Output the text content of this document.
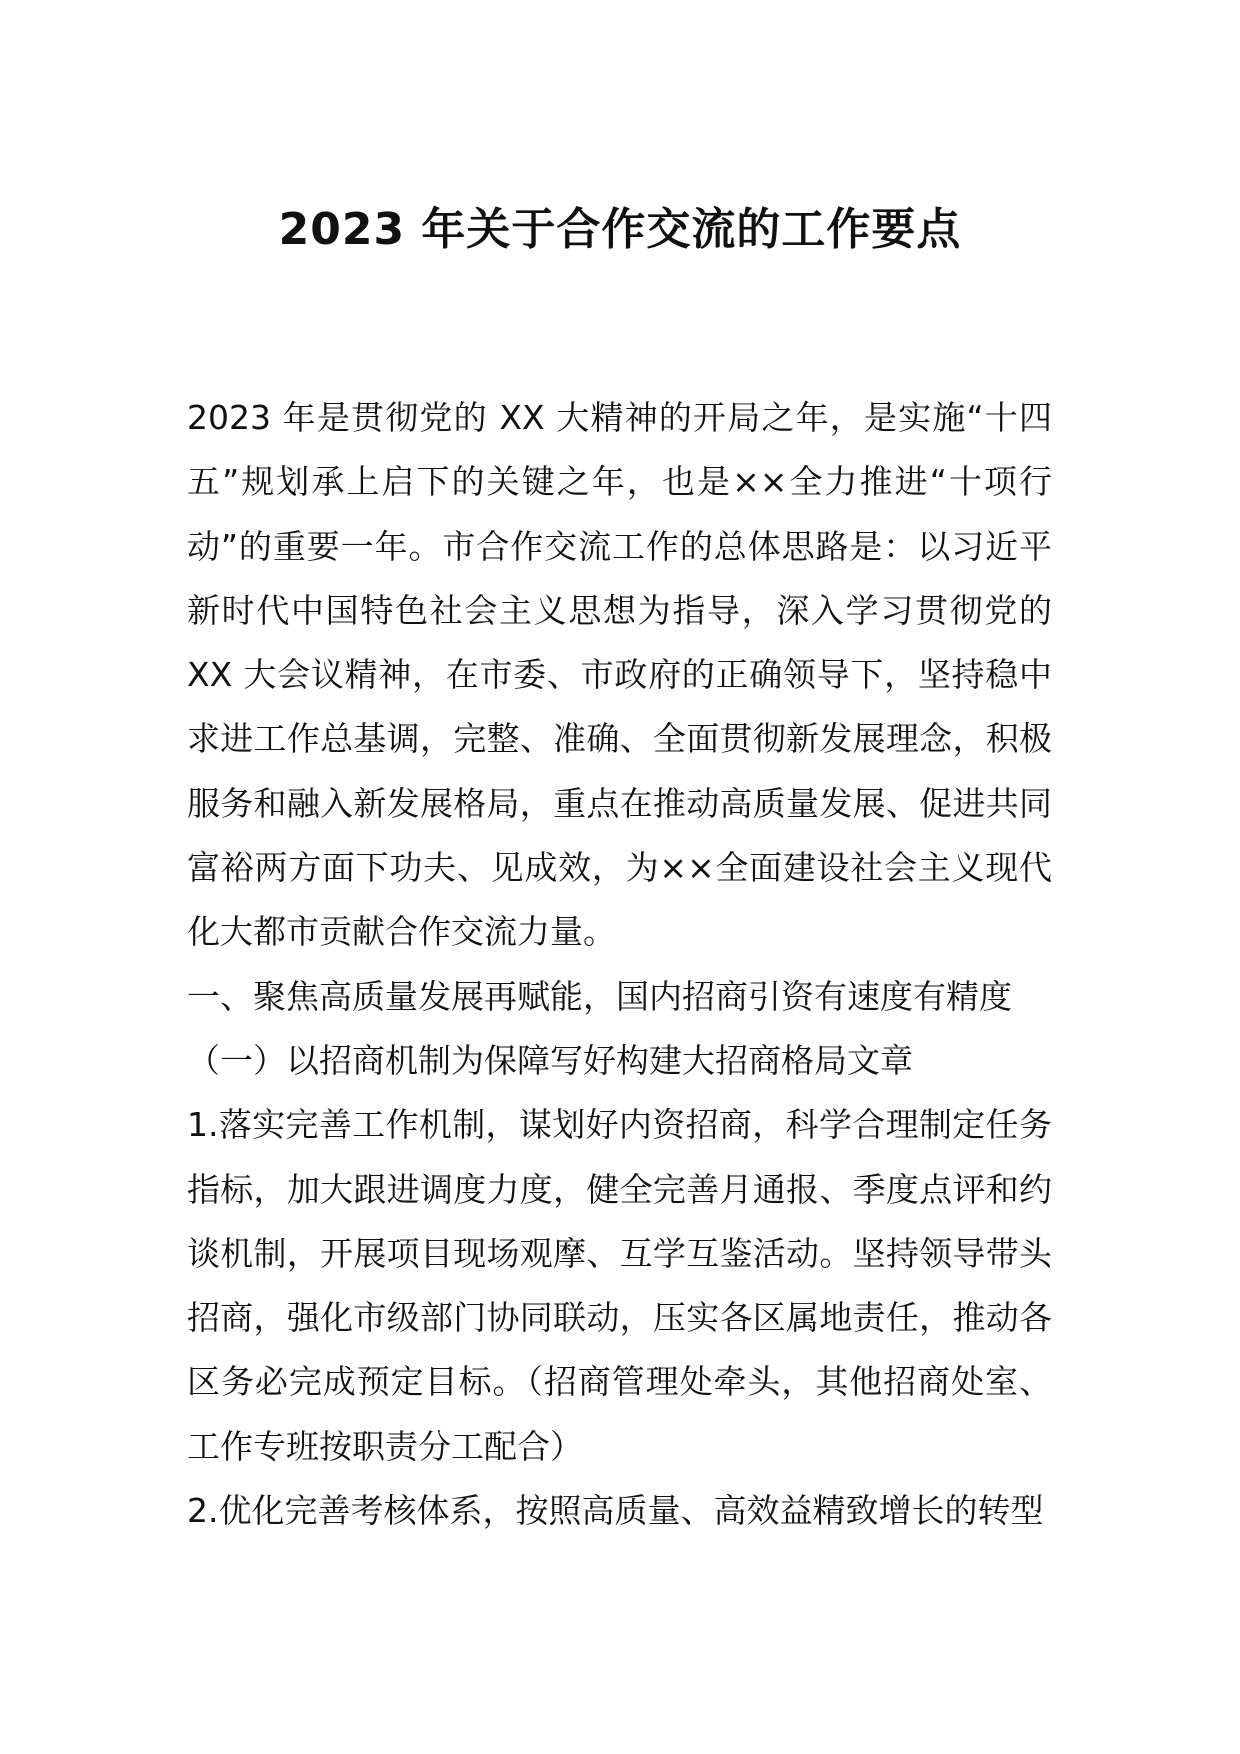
2023 年关于合作交流的工作要点

2023 年是贯彻党的 XX 大精神的开局之年，是实施“十四五”规划承上启下的关键之年，也是××全力推进“十项行动”的重要一年。市合作交流工作的总体思路是：以习近平新时代中国特色社会主义思想为指导，深入学习贯彻党的 XX 大会议精神，在市委、市政府的正确领导下，坚持稳中求进工作总基调，完整、准确、全面贯彻新发展理念，积极服务和融入新发展格局，重点在推动高质量发展、促进共同富裕两方面下功夫、见成效，为××全面建设社会主义现代化大都市贡献合作交流力量。

一、聚焦高质量发展再赋能，国内招商引资有速度有精度

（一）以招商机制为保障写好构建大招商格局文章

1.落实完善工作机制，谋划好内资招商，科学合理制定任务指标，加大跟进调度力度，健全完善月通报、季度点评和约谈机制，开展项目现场观摩、互学互鉴活动。坚持领导带头招商，强化市级部门协同联动，压实各区属地责任，推动各区务必完成预定目标。（招商管理处牵头，其他招商处室、工作专班按职责分工配合）

2.优化完善考核体系，按照高质量、高效益精致增长的转型
